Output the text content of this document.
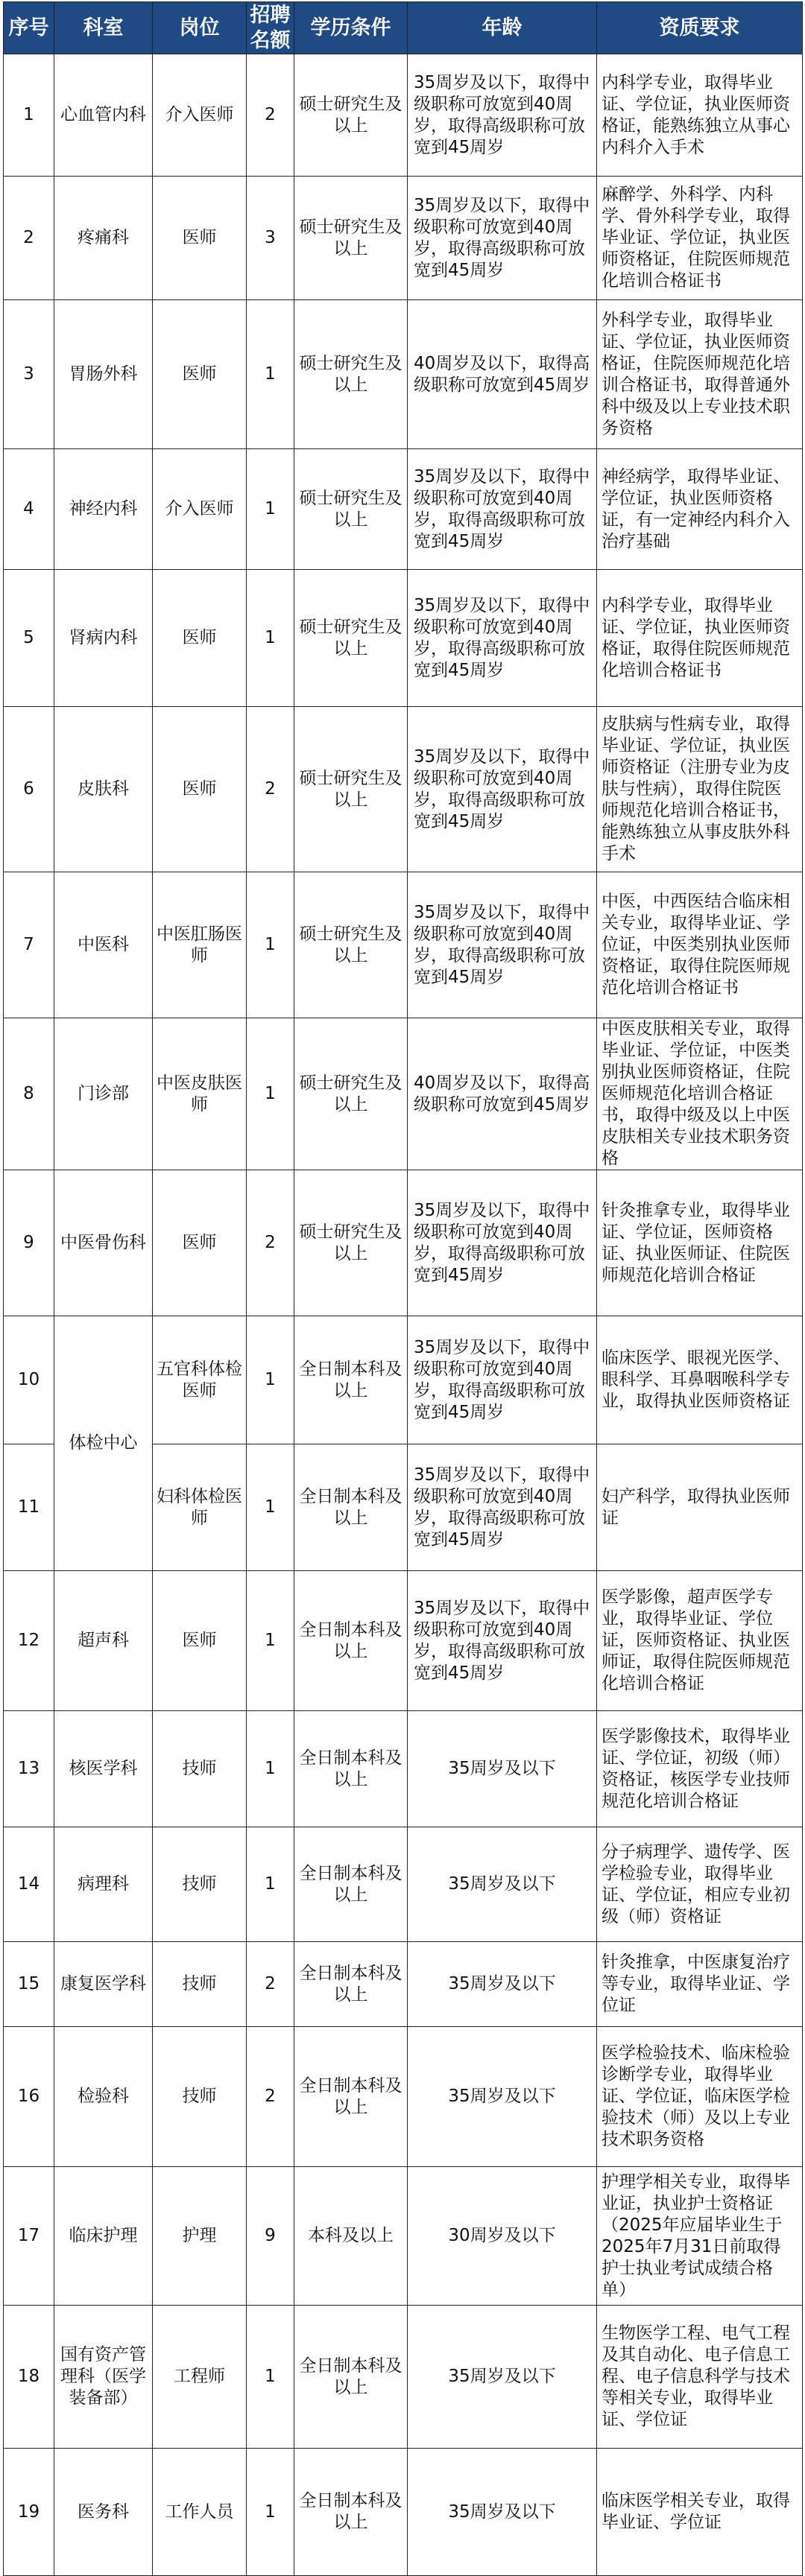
序号	科室	岗位	招聘名额	学历条件	年龄	资质要求
1	心血管内科	介入医师	2	硕士研究生及以上	35周岁及以下，取得中级职称可放宽到40周岁，取得高级职称可放宽到45周岁	内科学专业，取得毕业证、学位证，执业医师资格证，能熟练独立从事心内科介入手术
2	疼痛科	医师	3	硕士研究生及以上	35周岁及以下，取得中级职称可放宽到40周岁，取得高级职称可放宽到45周岁	麻醉学、外科学、内科学、骨外科学专业，取得毕业证、学位证，执业医师资格证，住院医师规范化培训合格证书
3	胃肠外科	医师	1	硕士研究生及以上	40周岁及以下，取得高级职称可放宽到45周岁	外科学专业，取得毕业证、学位证，执业医师资格证，住院医师规范化培训合格证书，取得普通外科中级及以上专业技术职务资格
4	神经内科	介入医师	1	硕士研究生及以上	35周岁及以下，取得中级职称可放宽到40周岁，取得高级职称可放宽到45周岁	神经病学，取得毕业证、学位证，执业医师资格证，有一定神经内科介入治疗基础
5	肾病内科	医师	1	硕士研究生及以上	35周岁及以下，取得中级职称可放宽到40周岁，取得高级职称可放宽到45周岁	内科学专业，取得毕业证、学位证，执业医师资格证，取得住院医师规范化培训合格证书
6	皮肤科	医师	2	硕士研究生及以上	35周岁及以下，取得中级职称可放宽到40周岁，取得高级职称可放宽到45周岁	皮肤病与性病专业，取得毕业证、学位证，执业医师资格证（注册专业为皮肤与性病），取得住院医师规范化培训合格证书，能熟练独立从事皮肤外科手术
7	中医科	中医肛肠医师	1	硕士研究生及以上	35周岁及以下，取得中级职称可放宽到40周岁，取得高级职称可放宽到45周岁	中医，中西医结合临床相关专业，取得毕业证、学位证，中医类别执业医师资格证，取得住院医师规范化培训合格证书
8	门诊部	中医皮肤医师	1	硕士研究生及以上	40周岁及以下，取得高级职称可放宽到45周岁	中医皮肤相关专业，取得毕业证、学位证，中医类别执业医师资格证，住院医师规范化培训合格证书，取得中级及以上中医皮肤相关专业技术职务资格
9	中医骨伤科	医师	2	硕士研究生及以上	35周岁及以下，取得中级职称可放宽到40周岁，取得高级职称可放宽到45周岁	针灸推拿专业，取得毕业证、学位证，医师资格证、执业医师证、住院医师规范化培训合格证
10	体检中心	五官科体检医师	1	全日制本科及以上	35周岁及以下，取得中级职称可放宽到40周岁，取得高级职称可放宽到45周岁	临床医学、眼视光医学、眼科学、耳鼻咽喉科学专业，取得执业医师资格证
11		妇科体检医师	1	全日制本科及以上	35周岁及以下，取得中级职称可放宽到40周岁，取得高级职称可放宽到45周岁	妇产科学，取得执业医师证
12	超声科	医师	1	全日制本科及以上	35周岁及以下，取得中级职称可放宽到40周岁，取得高级职称可放宽到45周岁	医学影像，超声医学专业，取得毕业证、学位证，医师资格证、执业医师证，取得住院医师规范化培训合格证
13	核医学科	技师	1	全日制本科及以上	35周岁及以下	医学影像技术，取得毕业证、学位证，初级（师）资格证，核医学专业技师规范化培训合格证
14	病理科	技师	1	全日制本科及以上	35周岁及以下	分子病理学、遗传学、医学检验专业，取得毕业证、学位证，相应专业初级（师）资格证
15	康复医学科	技师	2	全日制本科及以上	35周岁及以下	针灸推拿，中医康复治疗等专业，取得毕业证、学位证
16	检验科	技师	2	全日制本科及以上	35周岁及以下	医学检验技术、临床检验诊断学专业，取得毕业证、学位证，临床医学检验技术（师）及以上专业技术职务资格
17	临床护理	护理	9	本科及以上	30周岁及以下	护理学相关专业，取得毕业证，执业护士资格证（2025年应届毕业生于2025年7月31日前取得护士执业考试成绩合格单）
18	国有资产管理科（医学装备部）	工程师	1	全日制本科及以上	35周岁及以下	生物医学工程、电气工程及其自动化、电子信息工程、电子信息科学与技术等相关专业，取得毕业证、学位证
19	医务科	工作人员	1	全日制本科及以上	35周岁及以下	临床医学相关专业，取得毕业证、学位证
